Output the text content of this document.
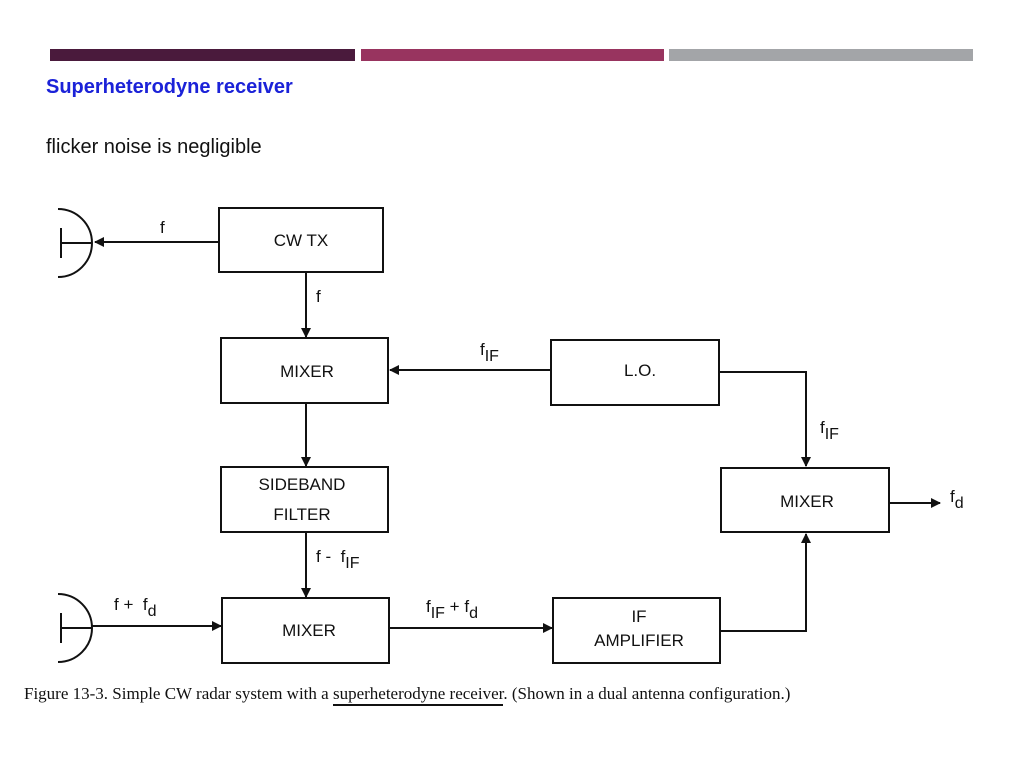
Superheterodyne receiver
flicker noise is negligible
CW TX
MIXER	L.O.
SIDEBAND
FILTER
MIXER
MIXER
IF
AMPLIFIER
f
f
fIF
fIF
f -  fIF
f +  fd	fIF + fd
fd
Figure 13-3. Simple CW radar system with a superheterodyne receiver. (Shown in a dual antenna configuration.)
